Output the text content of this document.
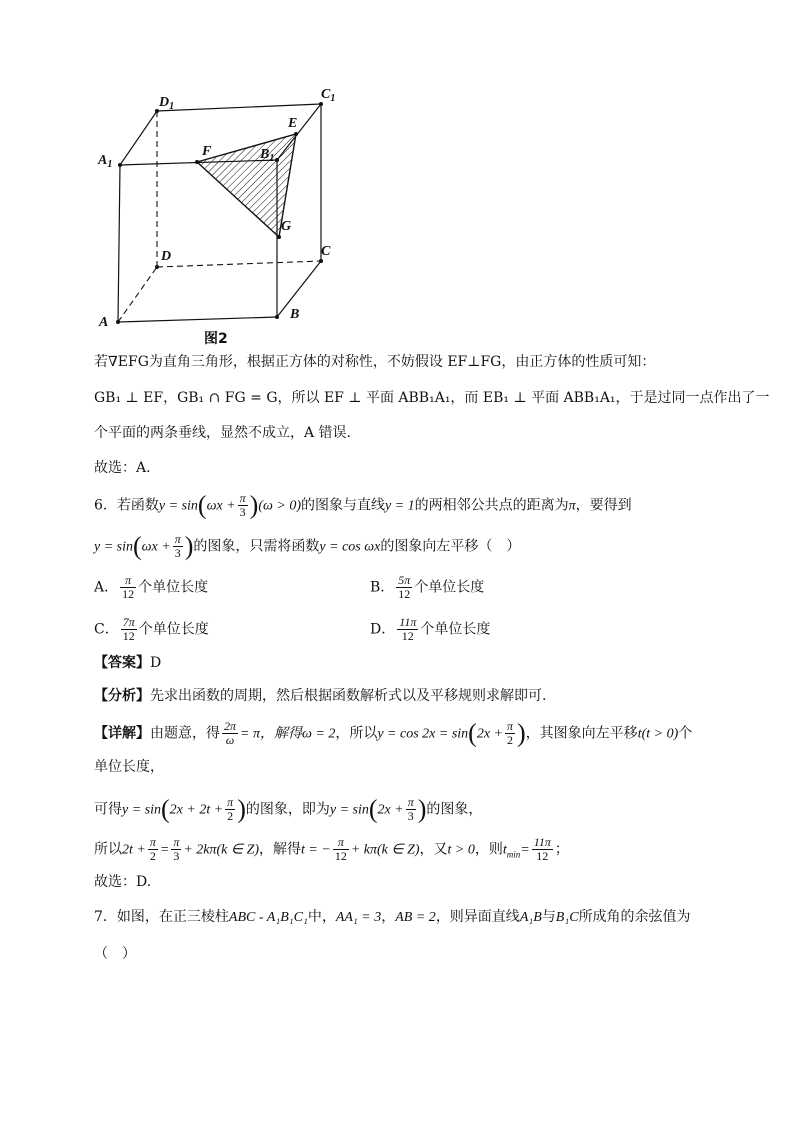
$D_1$
$C_1$
$A_1$
$B_1$
E
F
G
D	C
A
B
图2
若∇EFG为直角三角形，根据正方体的对称性，不妨假设 EF⊥FG，由正方体的性质可知：
GB₁ ⊥ EF，GB₁ ∩ FG = G，所以 EF ⊥ 平面 ABB₁A₁，而 EB₁ ⊥ 平面 ABB₁A₁，于是过同一点作出了一
个平面的两条垂线，显然不成立，A 错误.
故选：A.
6．若函数$y = \sin(\omega x + \frac{\pi}{3} )(\omega > 0)$的图象与直线y = 1的两相邻公共点的距离为π，要得到
$y = \sin(\omega x + \frac{\pi}{3}$ )的图象，只需将函数y = cos ωx的图象向左平移（　）
A． $\frac{\pi}{12}$ 个单位长度	B． $\frac{5\pi}{12}$ 个单位长度
C． $\frac{7\pi}{12}$ 个单位长度	D． $\frac{11\pi}{12}$ 个单位长度
【答案】D
【分析】先求出函数的周期，然后根据函数解析式以及平移规则求解即可.
【详解】由题意，得 $\frac{2\pi}{\omega} = \pi$，解得ω = 2，所以$y = \cos 2x = \sin(2x + \frac{\pi}{2}$ )，其图象向左平移t(t > 0)个
单位长度，
可得$y = \sin(2x + 2t + \frac{\pi}{2}$ )的图象，即为$y = \sin(2x + \frac{\pi}{3}$ )的图象，
所以$2t + \frac{\pi}{2} = \frac{\pi}{3} + 2k\pi(k$ ∈ Z)，解得t = − $\frac{\pi}{12} + k\pi(k$ ∈ Z)，又t > 0，则$t_{min}= \frac{11\pi}{12}$ ；
故选：D.
7．如图，在正三棱柱ABC - A₁B₁C₁中，AA₁ = 3，AB = 2，则异面直线A₁B与B₁C所成角的余弦值为
（　）
